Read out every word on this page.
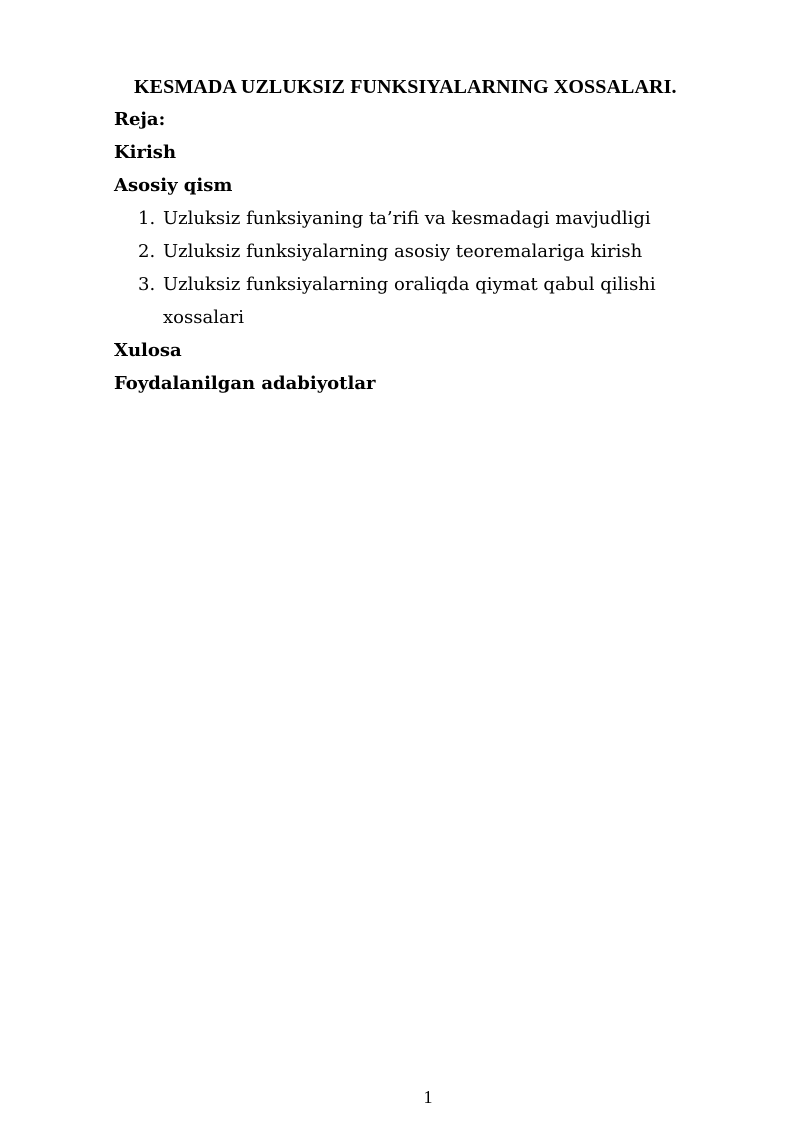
KESMADA UZLUKSIZ FUNKSIYALARNING XOSSALARI.
Reja:
Kirish
Asosiy qism
1. Uzluksiz funksiyaning ta’rifi va kesmadagi mavjudligi
2. Uzluksiz funksiyalarning asosiy teoremalariga kirish
3. Uzluksiz funksiyalarning oraliqda qiymat qabul qilishi
xossalari
Xulosa
Foydalanilgan adabiyotlar
1
